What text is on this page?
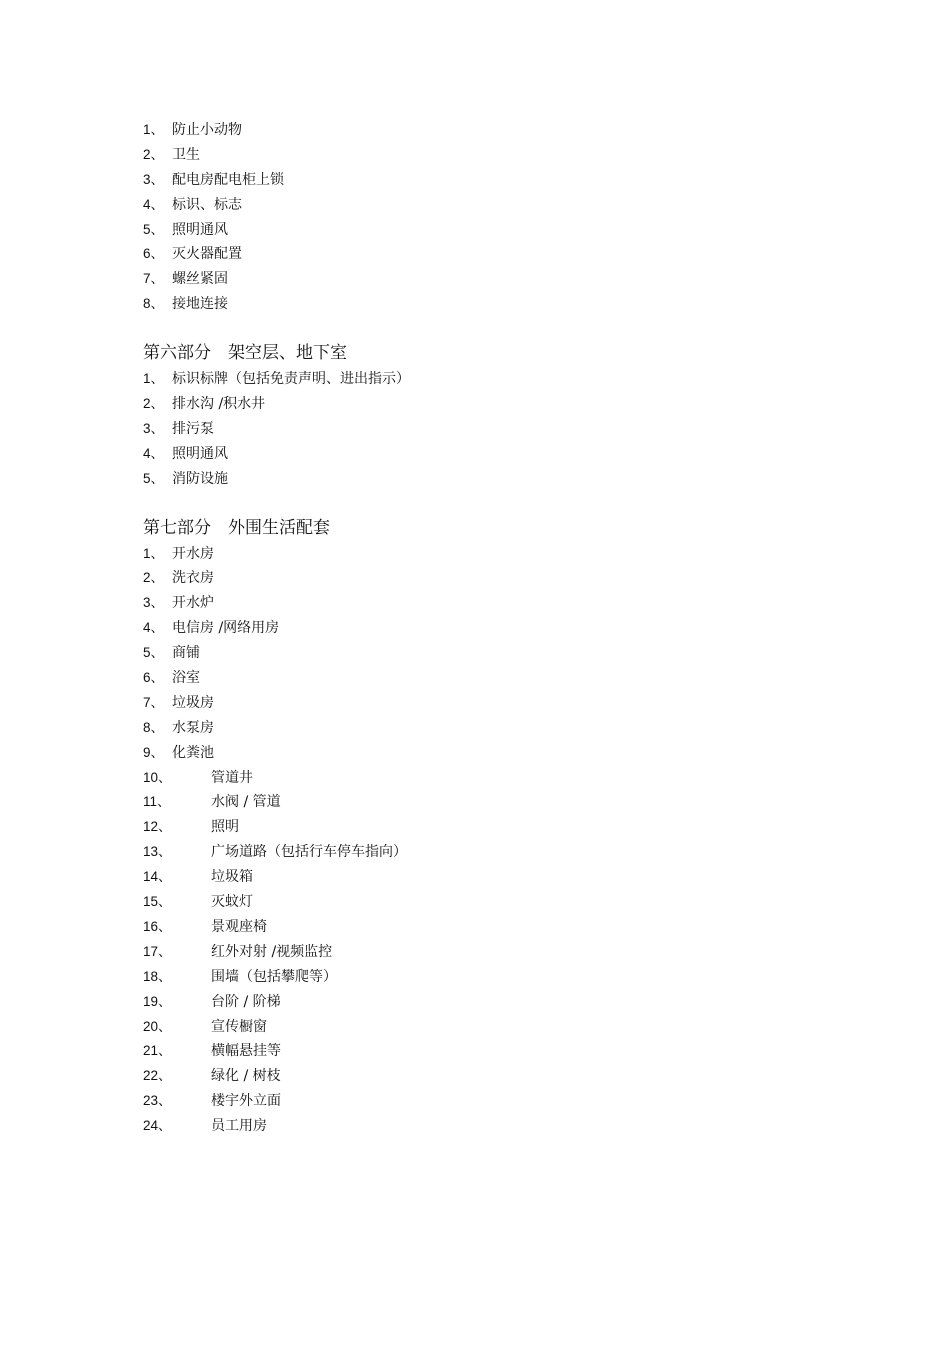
1、 防止小动物
2、 卫生
3、 配电房配电柜上锁
4、 标识、标志
5、 照明通风
6、 灭火器配置
7、 螺丝紧固
8、 接地连接
第六部分　架空层、地下室
1、 标识标牌（包括免责声明、进出指示）
2、 排水沟 /积水井
3、 排污泵
4、 照明通风
5、 消防设施
第七部分　外围生活配套
1、 开水房
2、 洗衣房
3、 开水炉
4、 电信房 /网络用房
5、 商铺
6、 浴室
7、 垃圾房
8、 水泵房
9、 化粪池
10、	管道井
11、	水阀 / 管道
12、	照明
13、	广场道路（包括行车停车指向）
14、	垃圾箱
15、	灭蚊灯
16、	景观座椅
17、	红外对射 /视频监控
18、	围墙（包括攀爬等）
19、	台阶 / 阶梯
20、	宣传橱窗
21、	横幅悬挂等
22、	绿化 / 树枝
23、	楼宇外立面
24、	员工用房
